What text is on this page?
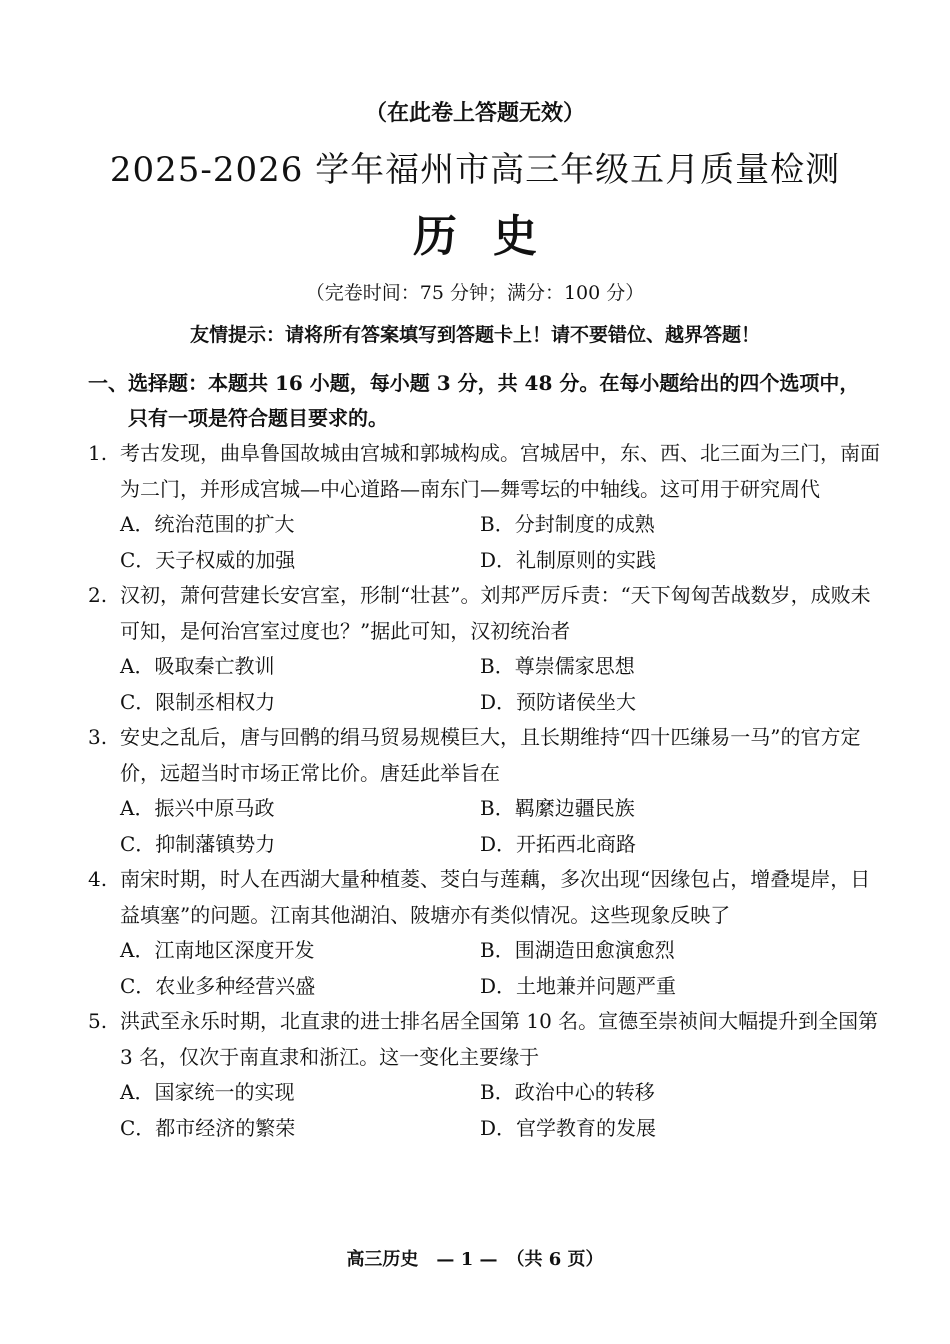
（在此卷上答题无效）
2025-2026 学年福州市高三年级五月质量检测
历史
（完卷时间：75 分钟；满分：100 分）
友情提示：请将所有答案填写到答题卡上！请不要错位、越界答题！
一、选择题：本题共 16 小题，每小题 3 分，共 48 分。在每小题给出的四个选项中，
只有一项是符合题目要求的。
1. 考古发现，曲阜鲁国故城由宫城和郭城构成。宫城居中，东、西、北三面为三门，南面为二门，并形成宫城—中心道路—南东门—舞雩坛的中轴线。这可用于研究周代
A．统治范围的扩大	B．分封制度的成熟
C．天子权威的加强	D．礼制原则的实践
2. 汉初，萧何营建长安宫室，形制“壮甚”。刘邦严厉斥责：“天下匈匈苦战数岁，成败未可知，是何治宫室过度也？”据此可知，汉初统治者
A．吸取秦亡教训	B．尊崇儒家思想
C．限制丞相权力	D．预防诸侯坐大
3. 安史之乱后，唐与回鹘的绢马贸易规模巨大，且长期维持“四十匹缣易一马”的官方定价，远超当时市场正常比价。唐廷此举旨在
A．振兴中原马政	B．羁縻边疆民族
C．抑制藩镇势力	D．开拓西北商路
4. 南宋时期，时人在西湖大量种植菱、茭白与莲藕，多次出现“因缘包占，增叠堤岸，日益填塞”的问题。江南其他湖泊、陂塘亦有类似情况。这些现象反映了
A．江南地区深度开发	B．围湖造田愈演愈烈
C．农业多种经营兴盛	D．土地兼并问题严重
5. 洪武至永乐时期，北直隶的进士排名居全国第 10 名。宣德至崇祯间大幅提升到全国第 3 名，仅次于南直隶和浙江。这一变化主要缘于
A．国家统一的实现	B．政治中心的转移
C．都市经济的繁荣	D．官学教育的发展
高三历史　— 1 —　（共 6 页）
